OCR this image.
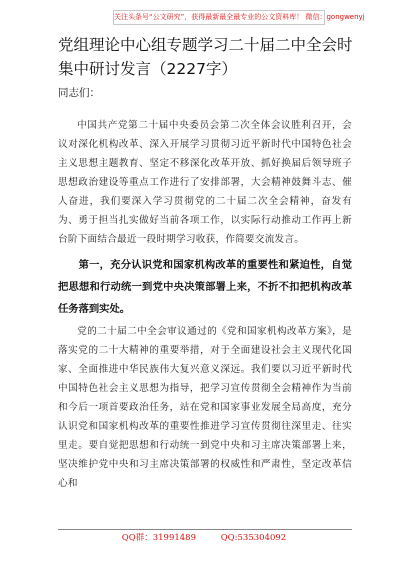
关注头条号“公文研究”，获得最新最全最专业的公文资料库！ 微信：gongwenyj
党组理论中心组专题学习二十届二中全会时集中研讨发言（2227字）
同志们：

中国共产党第二十届中央委员会第二次全体会议胜利召开，会议对深化机构改革、深入开展学习贯彻习近平新时代中国特色社会主义思想主题教育、坚定不移深化改革开放、抓好换届后领导班子思想政治建设等重点工作进行了安排部署，大会精神鼓舞斗志、催人奋进，我们要深入学习贯彻党的二十届二次全会精神，奋发有为、勇于担当扎实做好当前各项工作，以实际行动推动工作再上新台阶下面结合最近一段时期学习收获，作简要交流发言。

第一，充分认识党和国家机构改革的重要性和紧迫性，自觉把思想和行动统一到党中央决策部署上来，不折不扣把机构改革任务落到实处。

党的二十届二中全会审议通过的《党和国家机构改革方案》，是落实党的二十大精神的重要举措，对于全面建设社会主义现代化国家、全面推进中华民族伟大复兴意义深远。我们要以习近平新时代中国特色社会主义思想为指导，把学习宣传贯彻全会精神作为当前和今后一项首要政治任务，站在党和国家事业发展全局高度，充分认识党和国家机构改革的重要性推进学习宣传贯彻往深里走、往实里走。要自觉把思想和行动统一到党中央和习主席决策部署上来，坚决维护党中央和习主席决策部署的权威性和严肃性，坚定改革信心和

QQ群：31991489	QQ:535304092
